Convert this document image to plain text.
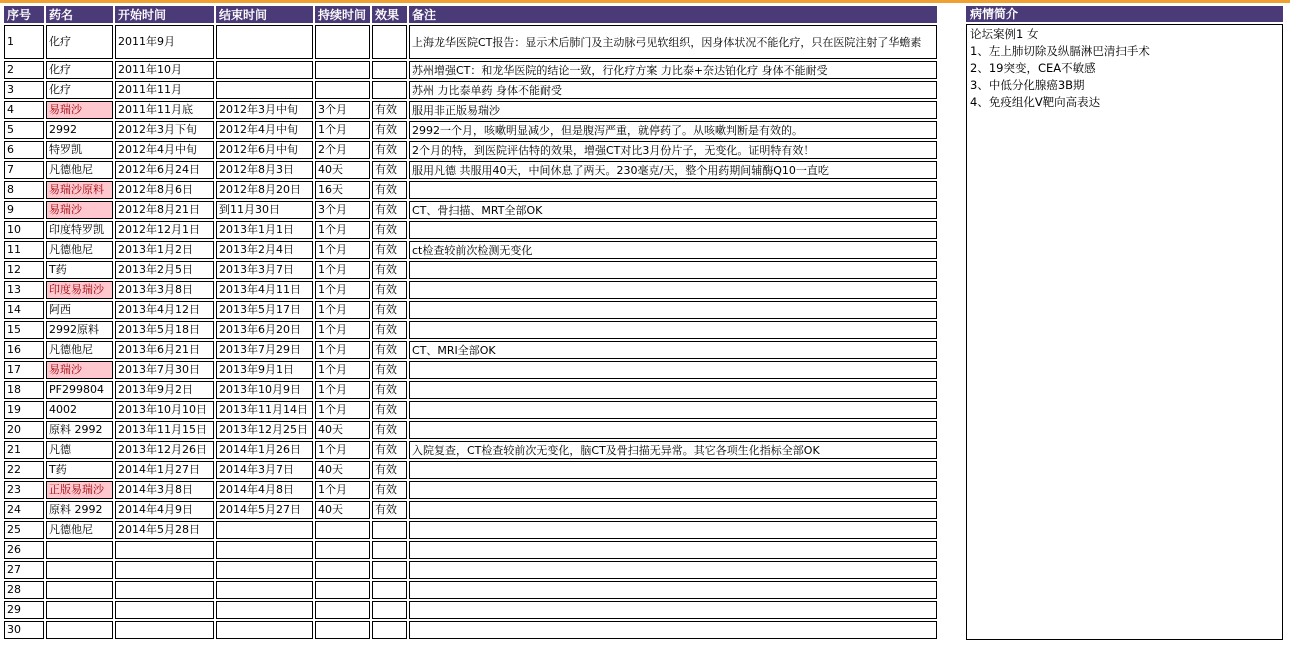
序号	药名	开始时间	结束时间	持续时间	效果	备注
1	化疗	2011年9月				上海龙华医院CT报告：显示术后肺门及主动脉弓见软组织，因身体状况不能化疗，只在医院注射了华蟾素
2	化疗	2011年10月				苏州增强CT：和龙华医院的结论一致，行化疗方案 力比泰+奈达铂化疗 身体不能耐受
3	化疗	2011年11月				苏州 力比泰单药 身体不能耐受
4	易瑞沙	2011年11月底	2012年3月中旬	3个月	有效	服用非正版易瑞沙
5	2992	2012年3月下旬	2012年4月中旬	1个月	有效	2992一个月，咳嗽明显减少，但是腹泻严重，就停药了。从咳嗽判断是有效的。
6	特罗凯	2012年4月中旬	2012年6月中旬	2个月	有效	2个月的特，到医院评估特的效果，增强CT对比3月份片子，无变化。证明特有效！
7	凡德他尼	2012年6月24日	2012年8月3日	40天	有效	服用凡德 共服用40天，中间休息了两天。230毫克/天，整个用药期间辅酶Q10一直吃
8	易瑞沙原料	2012年8月6日	2012年8月20日	16天	有效	
9	易瑞沙	2012年8月21日	到11月30日	3个月	有效	CT、骨扫描、MRT全部OK
10	印度特罗凯	2012年12月1日	2013年1月1日	1个月	有效	
11	凡德他尼	2013年1月2日	2013年2月4日	1个月	有效	ct检查较前次检测无变化
12	T药	2013年2月5日	2013年3月7日	1个月	有效	
13	印度易瑞沙	2013年3月8日	2013年4月11日	1个月	有效	
14	阿西	2013年4月12日	2013年5月17日	1个月	有效	
15	2992原料	2013年5月18日	2013年6月20日	1个月	有效	
16	凡德他尼	2013年6月21日	2013年7月29日	1个月	有效	CT、MRI全部OK
17	易瑞沙	2013年7月30日	2013年9月1日	1个月	有效	
18	PF299804	2013年9月2日	2013年10月9日	1个月	有效	
19	4002	2013年10月10日	2013年11月14日	1个月	有效	
20	原料 2992	2013年11月15日	2013年12月25日	40天	有效	
21	凡德	2013年12月26日	2014年1月26日	1个月	有效	入院复查，CT检查较前次无变化，脑CT及骨扫描无异常。其它各项生化指标全部OK
22	T药	2014年1月27日	2014年3月7日	40天	有效	
23	正版易瑞沙	2014年3月8日	2014年4月8日	1个月	有效	
24	原料 2992	2014年4月9日	2014年5月27日	40天	有效	
25	凡德他尼	2014年5月28日				
26						
27						
28						
29						
30						
病情简介
论坛案例1 女
1、左上肺切除及纵膈淋巴清扫手术
2、19突变，CEA不敏感
3、中低分化腺癌3B期
4、免疫组化V靶向高表达
